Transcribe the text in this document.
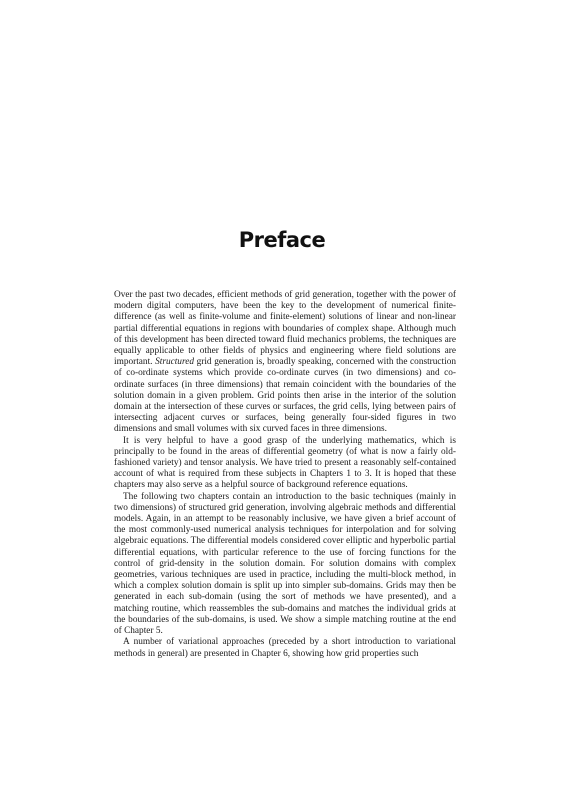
Preface

Over the past two decades, efficient methods of grid generation, together with the power of modern digital computers, have been the key to the development of numerical finite-difference (as well as finite-volume and finite-element) solutions of linear and non-linear partial differential equations in regions with boundaries of complex shape. Although much of this development has been directed toward fluid mechanics problems, the techniques are equally applicable to other fields of physics and engineering where field solutions are important. Structured grid generation is, broadly speaking, concerned with the construction of co-ordinate systems which provide co-ordinate curves (in two dimensions) and co-ordinate surfaces (in three dimensions) that remain coincident with the boundaries of the solution domain in a given problem. Grid points then arise in the interior of the solution domain at the intersection of these curves or surfaces, the grid cells, lying between pairs of intersecting adjacent curves or surfaces, being generally four-sided figures in two dimensions and small volumes with six curved faces in three dimensions.

It is very helpful to have a good grasp of the underlying mathematics, which is principally to be found in the areas of differential geometry (of what is now a fairly old-fashioned variety) and tensor analysis. We have tried to present a reasonably self-contained account of what is required from these subjects in Chapters 1 to 3. It is hoped that these chapters may also serve as a helpful source of background reference equations.

The following two chapters contain an introduction to the basic techniques (mainly in two dimensions) of structured grid generation, involving algebraic methods and differential models. Again, in an attempt to be reasonably inclusive, we have given a brief account of the most commonly-used numerical analysis techniques for interpolation and for solving algebraic equations. The differential models considered cover elliptic and hyperbolic partial differential equations, with particular reference to the use of forcing functions for the control of grid-density in the solution domain. For solution domains with complex geometries, various techniques are used in practice, including the multi-block method, in which a complex solution domain is split up into simpler sub-domains. Grids may then be generated in each sub-domain (using the sort of methods we have presented), and a matching routine, which reassembles the sub-domains and matches the individual grids at the boundaries of the sub-domains, is used. We show a simple matching routine at the end of Chapter 5.

A number of variational approaches (preceded by a short introduction to variational methods in general) are presented in Chapter 6, showing how grid properties such
